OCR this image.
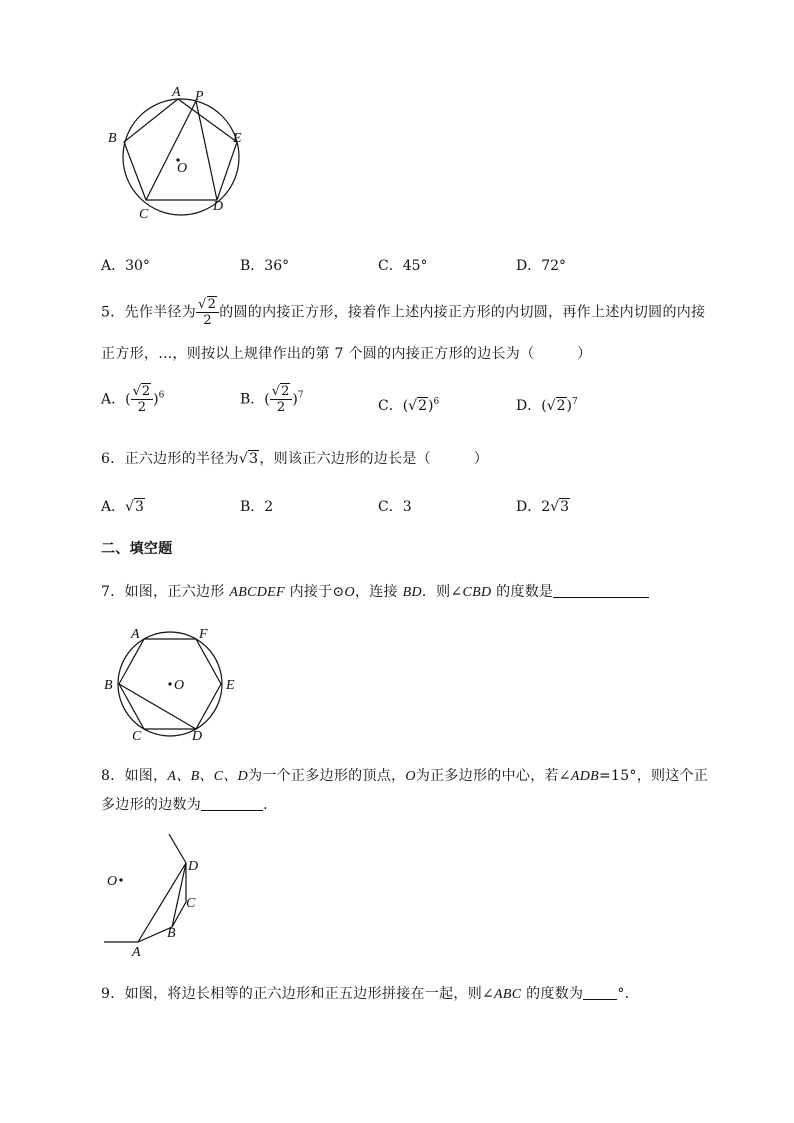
A P
B	E
O
C
D
A．30°	B．36°	C．45°	D．72°
5．先作半径为 $\frac{√2}{2}$ 的圆的内接正方形，接着作上述内接正方形的内切圆，再作上述内切圆的内接
正方形，…，则按以上规律作出的第 7 个圆的内接正方形的边长为（　　　）
A．( $\frac{√2}{2} )^6$	B．( $\frac{√2}{2} )^7$
C．$(√2)^6$	D．$(√2)^7$
6．正六边形的半径为√3，则该正六边形的边长是（　　　）
A．√3	B．2	C．3	D．2√3
二、填空题
7．如图，正六边形 ABCDEF 内接于⊙O，连接 BD．则∠CBD 的度数是
A	F
B	O	E
C	D
8．如图，A、B、C、D为一个正多边形的顶点，O为正多边形的中心，若∠ADB=15°，则这个正
多边形的边数为	．
O
D
C
B
A
9．如图，将边长相等的正六边形和正五边形拼接在一起，则∠ABC 的度数为 °．
